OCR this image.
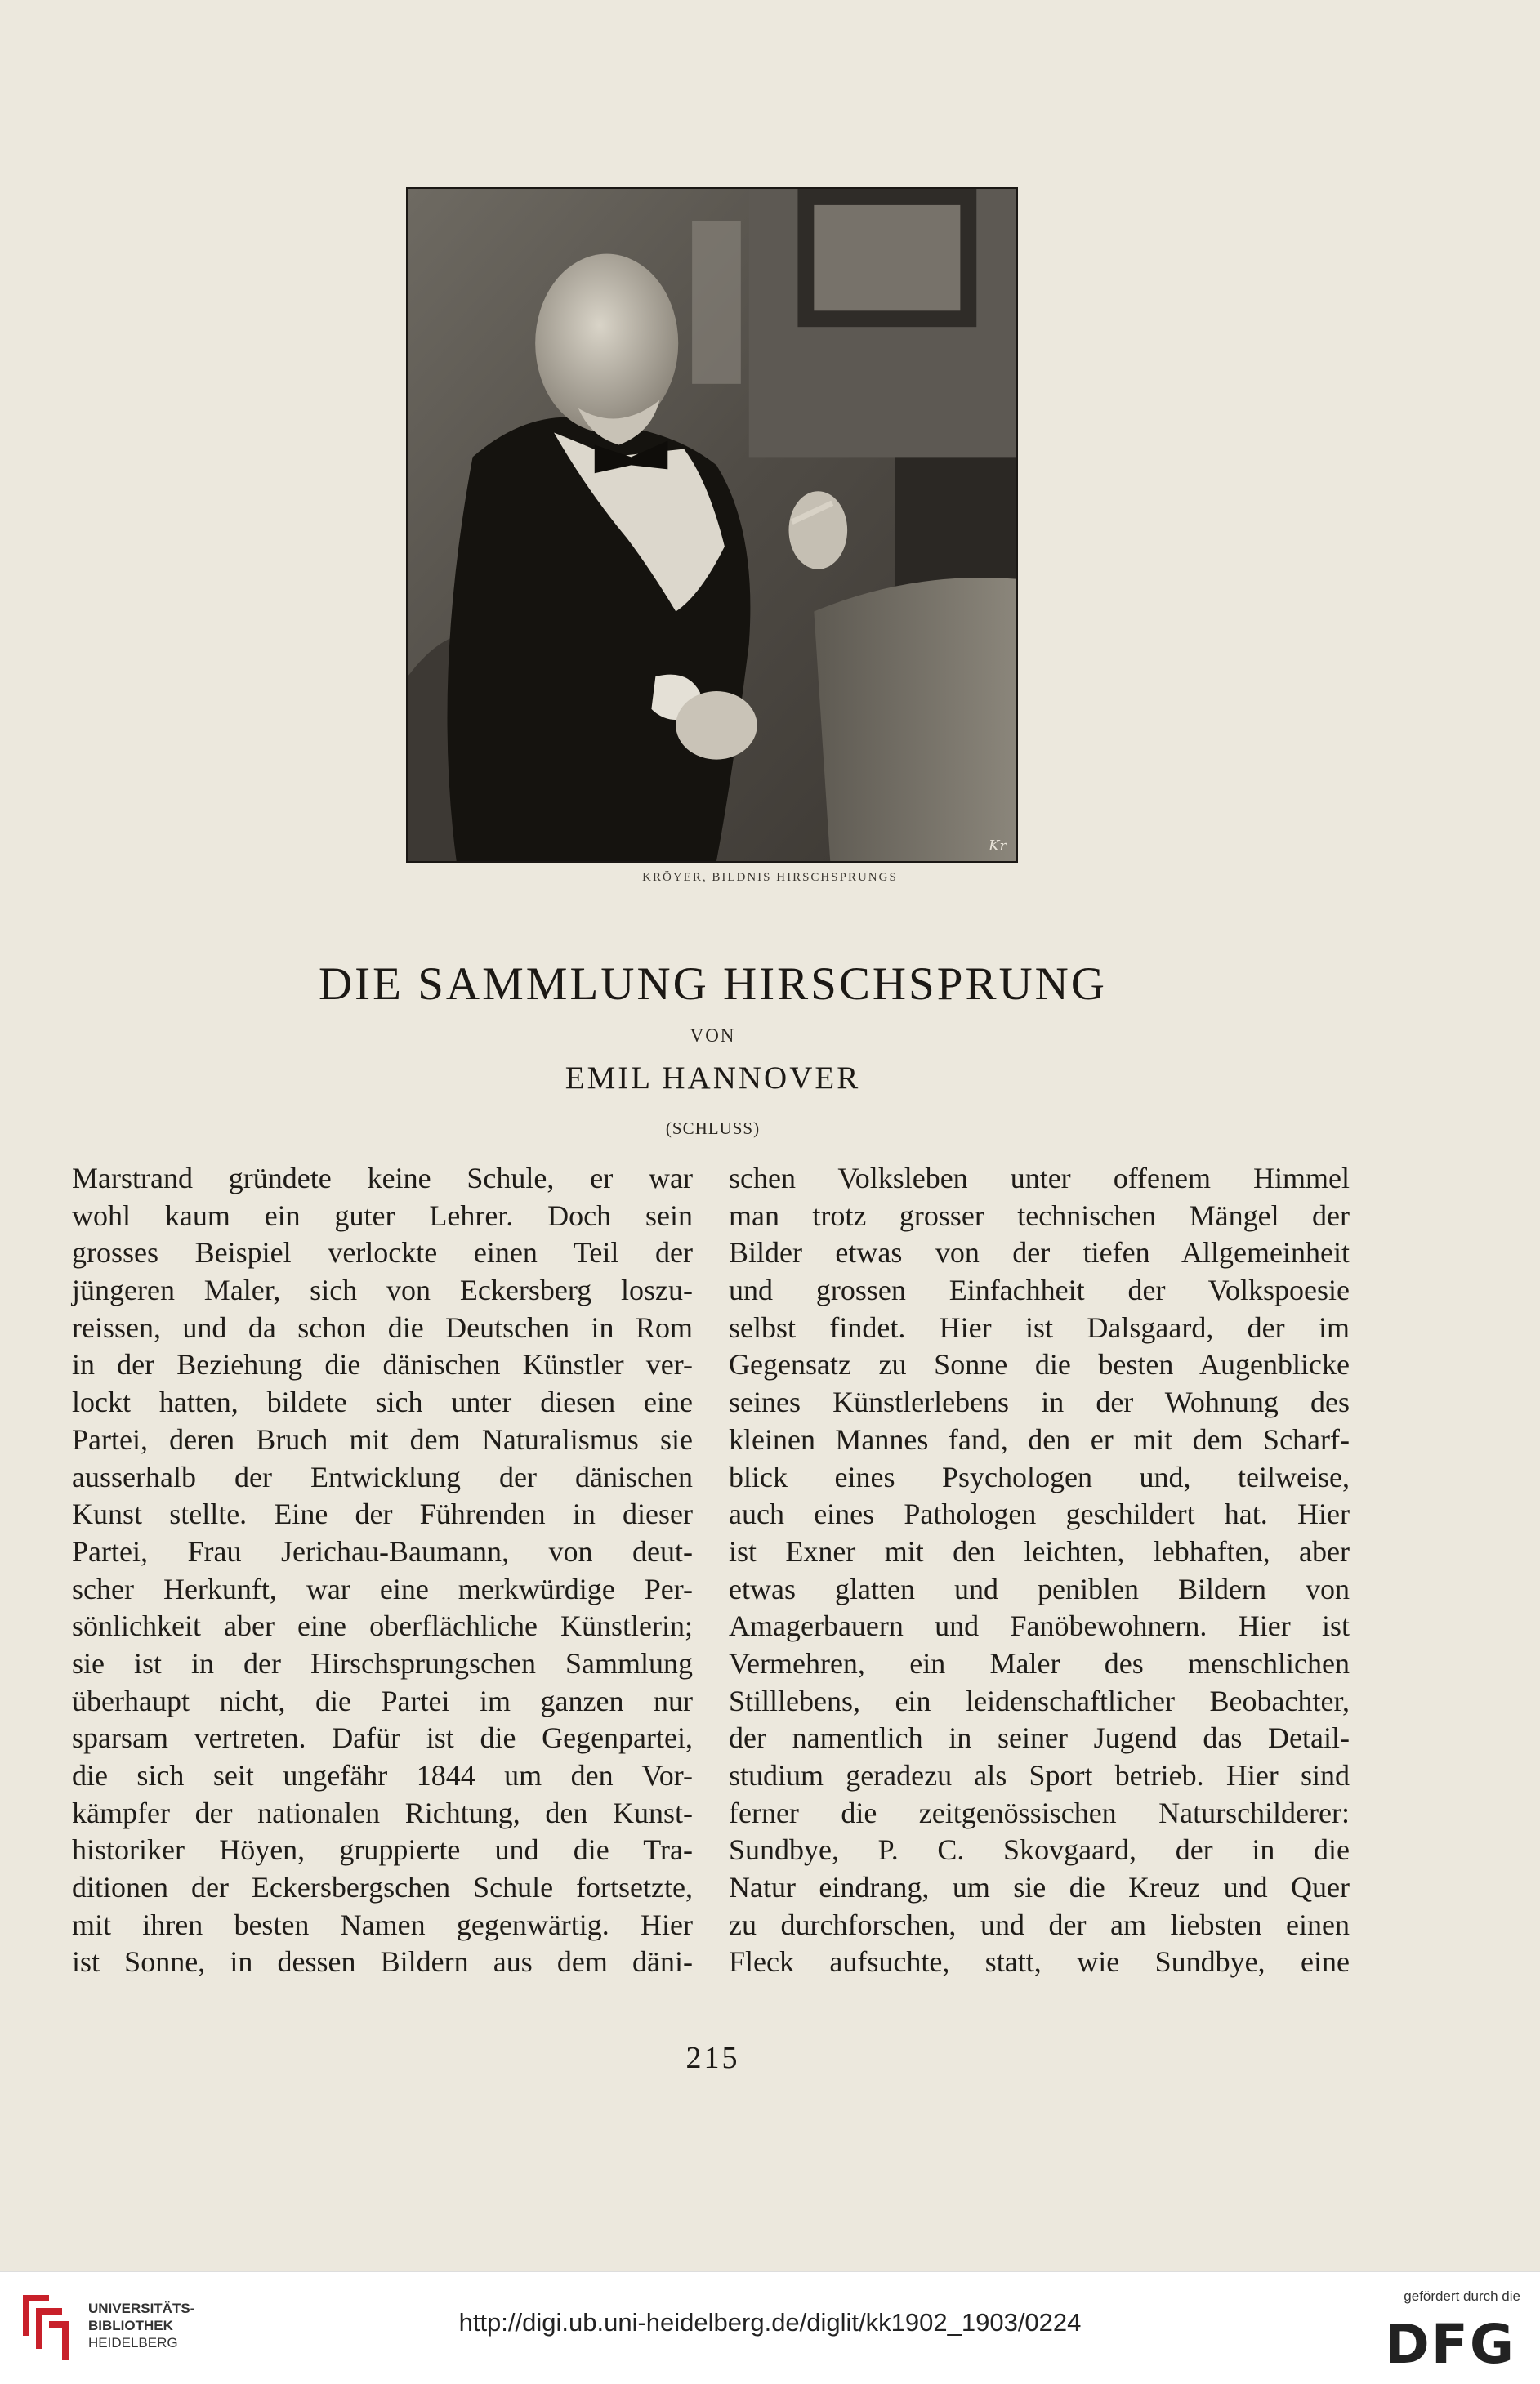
Kr
KRÖYER, BILDNIS HIRSCHSPRUNGS
DIE SAMMLUNG HIRSCHSPRUNG
VON
EMIL HANNOVER
(SCHLUSS)
Marstrand gründete keine Schule, er war
wohl kaum ein guter Lehrer. Doch sein
grosses Beispiel verlockte einen Teil der
jüngeren Maler, sich von Eckersberg loszu-
reissen, und da schon die Deutschen in Rom
in der Beziehung die dänischen Künstler ver-
lockt hatten, bildete sich unter diesen eine
Partei, deren Bruch mit dem Naturalismus sie
ausserhalb der Entwicklung der dänischen
Kunst stellte. Eine der Führenden in dieser
Partei, Frau Jerichau-Baumann, von deut-
scher Herkunft, war eine merkwürdige Per-
sönlichkeit aber eine oberflächliche Künstlerin;
sie ist in der Hirschsprungschen Sammlung
überhaupt nicht, die Partei im ganzen nur
sparsam vertreten. Dafür ist die Gegenpartei,
die sich seit ungefähr 1844 um den Vor-
kämpfer der nationalen Richtung, den Kunst-
historiker Höyen, gruppierte und die Tra-
ditionen der Eckersbergschen Schule fortsetzte,
mit ihren besten Namen gegenwärtig. Hier
ist Sonne, in dessen Bildern aus dem däni-
schen Volksleben unter offenem Himmel
man trotz grosser technischen Mängel der
Bilder etwas von der tiefen Allgemeinheit
und grossen Einfachheit der Volkspoesie
selbst findet. Hier ist Dalsgaard, der im
Gegensatz zu Sonne die besten Augenblicke
seines Künstlerlebens in der Wohnung des
kleinen Mannes fand, den er mit dem Scharf-
blick eines Psychologen und, teilweise,
auch eines Pathologen geschildert hat. Hier
ist Exner mit den leichten, lebhaften, aber
etwas glatten und peniblen Bildern von
Amagerbauern und Fanöbewohnern. Hier ist
Vermehren, ein Maler des menschlichen
Stilllebens, ein leidenschaftlicher Beobachter,
der namentlich in seiner Jugend das Detail-
studium geradezu als Sport betrieb. Hier sind
ferner die zeitgenössischen Naturschilderer:
Sundbye, P. C. Skovgaard, der in die
Natur eindrang, um sie die Kreuz und Quer
zu durchforschen, und der am liebsten einen
Fleck aufsuchte, statt, wie Sundbye, eine
215
UNIVERSITÄTS-
BIBLIOTHEK
HEIDELBERG
http://digi.ub.uni-heidelberg.de/diglit/kk1902_1903/0224
gefördert durch die
DFG
